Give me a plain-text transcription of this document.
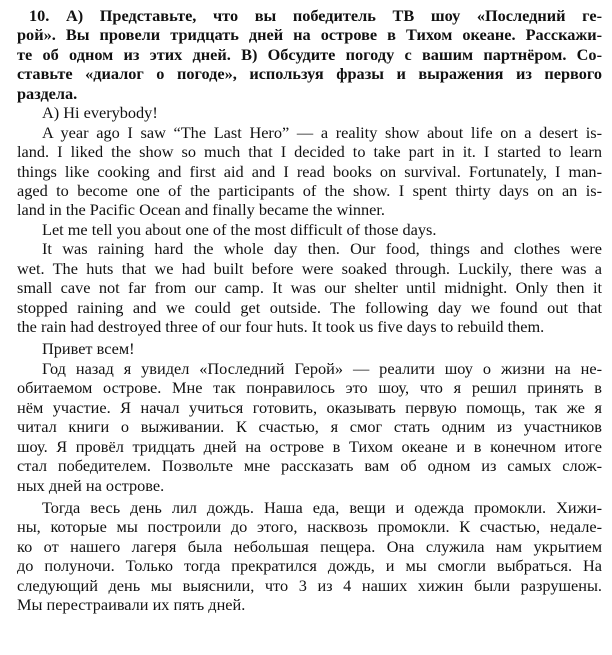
10. А) Представьте, что вы победитель ТВ шоу «Последний ге-
рой». Вы провели тридцать дней на острове в Тихом океане. Расскажи-
те об одном из этих дней. В) Обсудите погоду с вашим партнёром. Со-
ставьте «диалог о погоде», используя фразы и выражения из первого
раздела.
A) Hi everybody!
A year ago I saw “The Last Hero” — a reality show about life on a desert is-
land. I liked the show so much that I decided to take part in it. I started to learn
things like cooking and first aid and I read books on survival. Fortunately, I man-
aged to become one of the participants of the show. I spent thirty days on an is-
land in the Pacific Ocean and finally became the winner.
Let me tell you about one of the most difficult of those days.
It was raining hard the whole day then. Our food, things and clothes were
wet. The huts that we had built before were soaked through. Luckily, there was a
small cave not far from our camp. It was our shelter until midnight. Only then it
stopped raining and we could get outside. The following day we found out that
the rain had destroyed three of our four huts. It took us five days to rebuild them.
Привет всем!
Год назад я увидел «Последний Герой» — реалити шоу о жизни на не-
обитаемом острове. Мне так понравилось это шоу, что я решил принять в
нём участие. Я начал учиться готовить, оказывать первую помощь, так же я
читал книги о выживании. К счастью, я смог стать одним из участников
шоу. Я провёл тридцать дней на острове в Тихом океане и в конечном итоге
стал победителем. Позвольте мне рассказать вам об одном из самых слож-
ных дней на острове.
Тогда весь день лил дождь. Наша еда, вещи и одежда промокли. Хижи-
ны, которые мы построили до этого, насквозь промокли. К счастью, недале-
ко от нашего лагеря была небольшая пещера. Она служила нам укрытием
до полуночи. Только тогда прекратился дождь, и мы смогли выбраться. На
следующий день мы выяснили, что 3 из 4 наших хижин были разрушены.
Мы перестраивали их пять дней.
